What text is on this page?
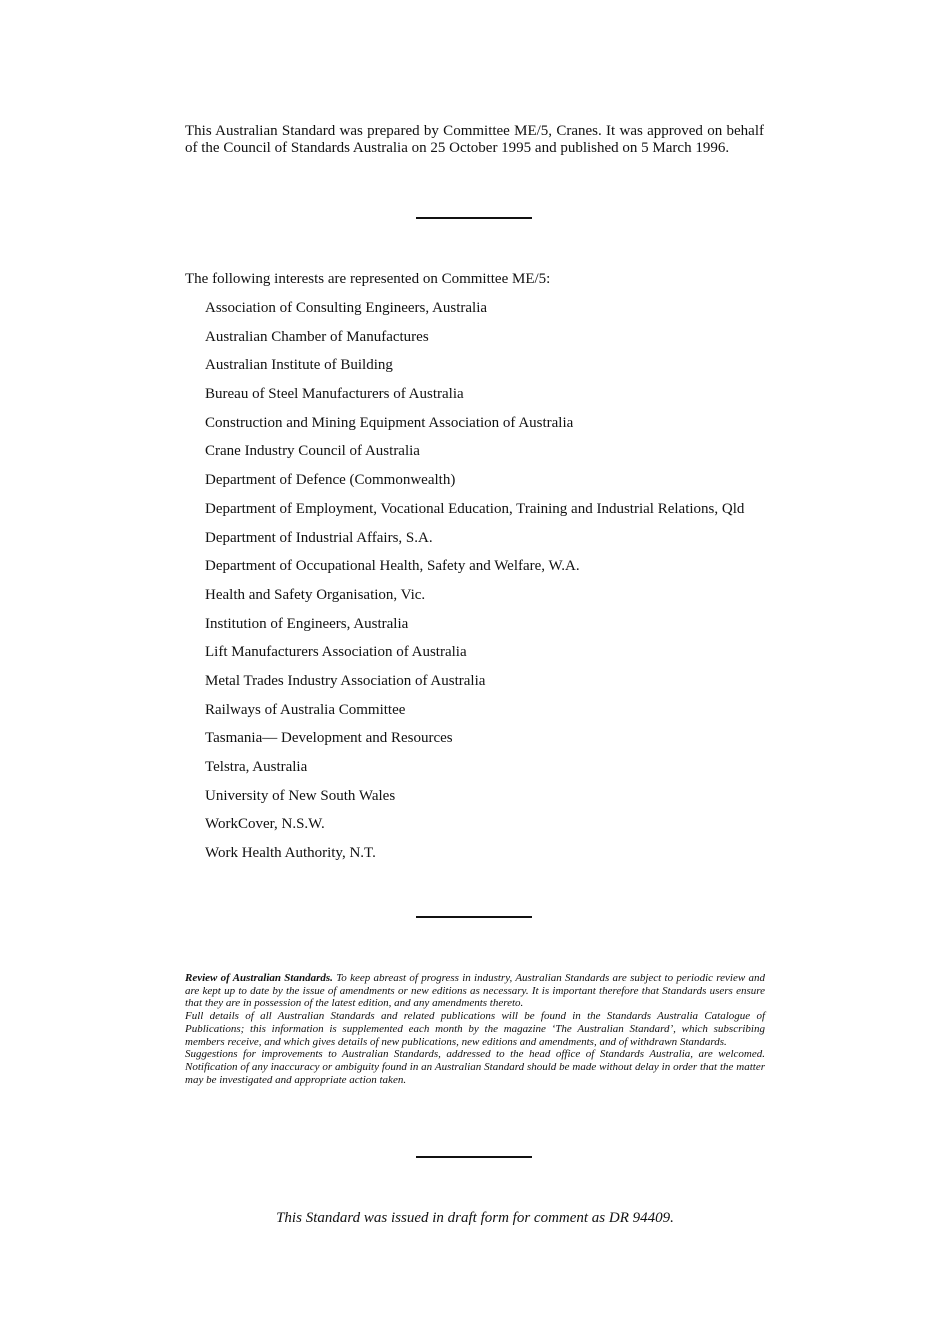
This Australian Standard was prepared by Committee ME/5, Cranes. It was approved on behalf of the Council of Standards Australia on 25 October 1995 and published on 5 March 1996.
The following interests are represented on Committee ME/5:
Association of Consulting Engineers, Australia
Australian Chamber of Manufactures
Australian Institute of Building
Bureau of Steel Manufacturers of Australia
Construction and Mining Equipment Association of Australia
Crane Industry Council of Australia
Department of Defence (Commonwealth)
Department of Employment, Vocational Education, Training and Industrial Relations, Qld
Department of Industrial Affairs, S.A.
Department of Occupational Health, Safety and Welfare, W.A.
Health and Safety Organisation, Vic.
Institution of Engineers, Australia
Lift Manufacturers Association of Australia
Metal Trades Industry Association of Australia
Railways of Australia Committee
Tasmania— Development and Resources
Telstra, Australia
University of New South Wales
WorkCover, N.S.W.
Work Health Authority, N.T.

Review of Australian Standards. To keep abreast of progress in industry, Australian Standards are subject to periodic review and are kept up to date by the issue of amendments or new editions as necessary. It is important therefore that Standards users ensure that they are in possession of the latest edition, and any amendments thereto.

Full details of all Australian Standards and related publications will be found in the Standards Australia Catalogue of Publications; this information is supplemented each month by the magazine ‘The Australian Standard’, which subscribing members receive, and which gives details of new publications, new editions and amendments, and of withdrawn Standards.

Suggestions for improvements to Australian Standards, addressed to the head office of Standards Australia, are welcomed. Notification of any inaccuracy or ambiguity found in an Australian Standard should be made without delay in order that the matter may be investigated and appropriate action taken.

This Standard was issued in draft form for comment as DR 94409.
